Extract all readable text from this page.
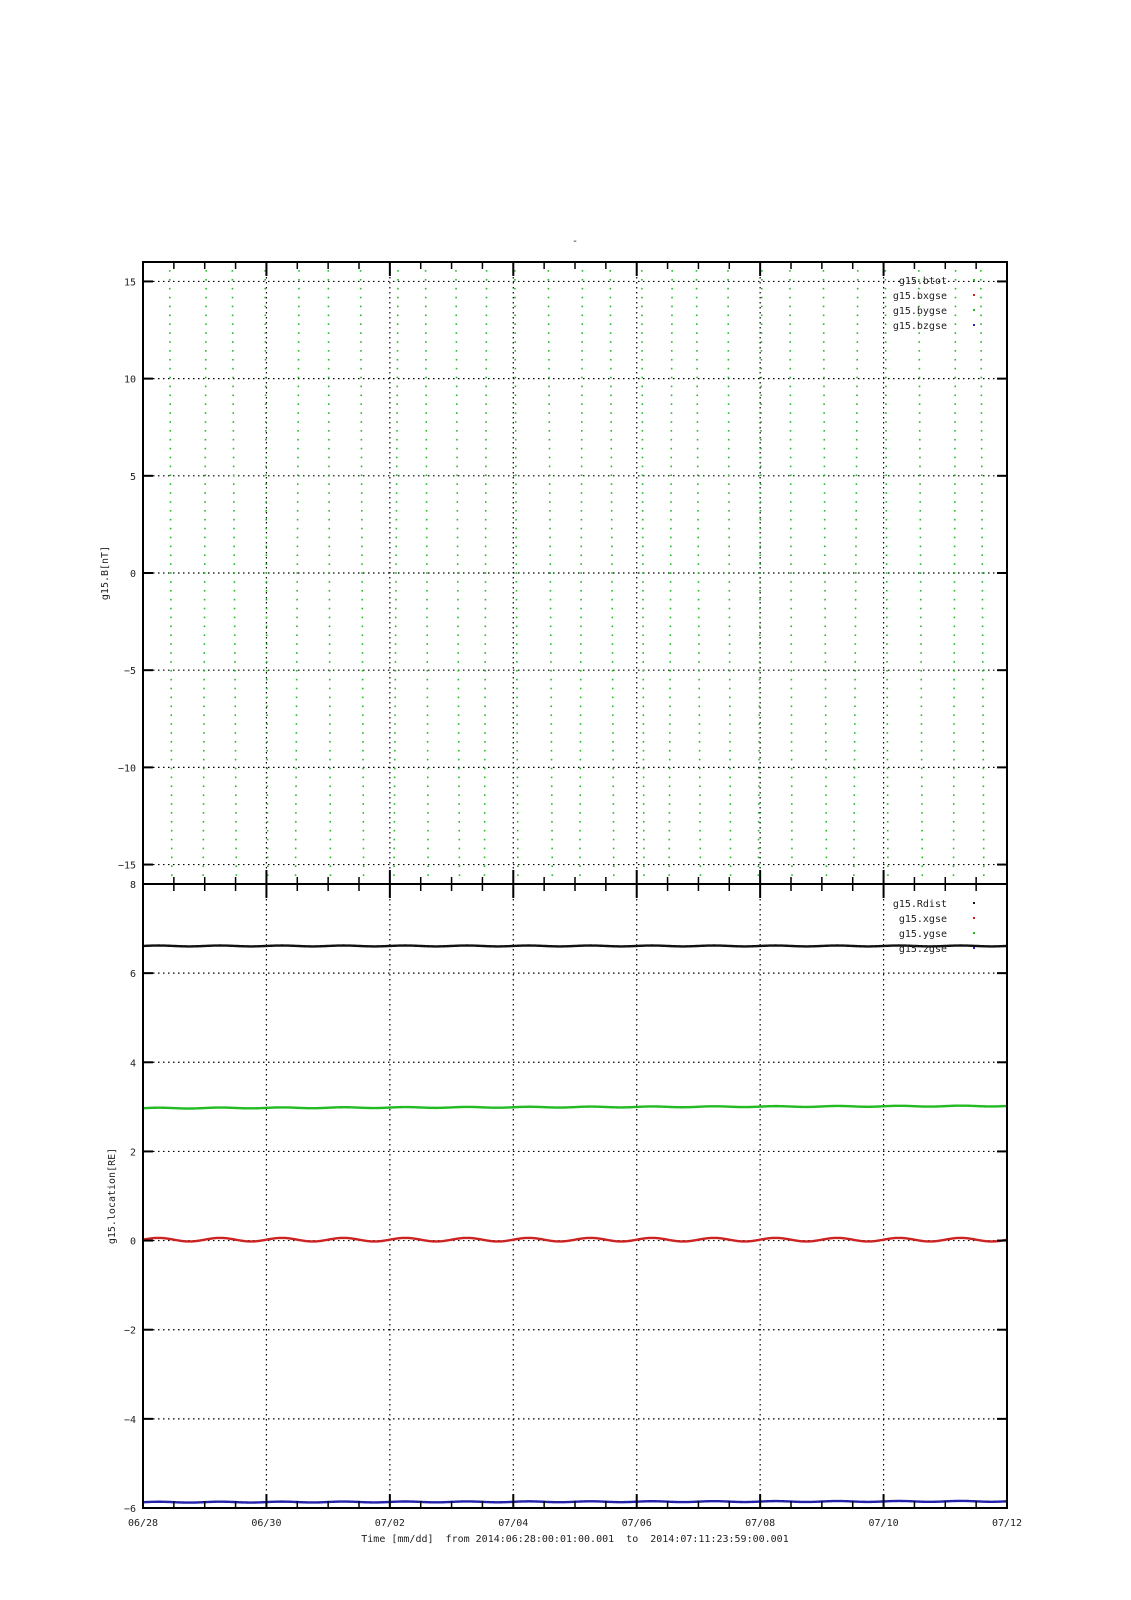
-
−15
−10
−5
0
5
10
15
g15.B[nT]
g15.btot
g15.bxgse
g15.bygse
g15.bzgse
−6
−4
−2
0
2
4
6
8
06/28	06/30	07/02	07/04	07/06	07/08	07/10	07/12
g15.location[RE]
g15.Rdist
g15.xgse
g15.ygse
g15.zgse
Time [mm/dd]  from 2014:06:28:00:01:00.001  to  2014:07:11:23:59:00.001
